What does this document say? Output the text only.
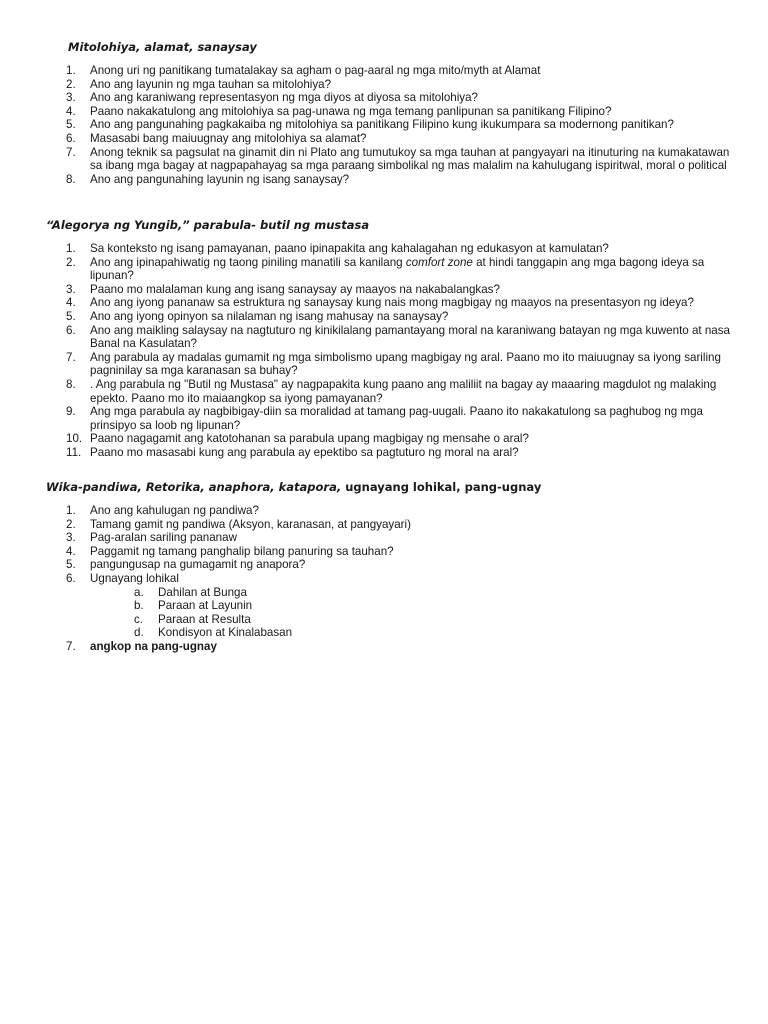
Mitolohiya, alamat, sanaysay
1.	Anong uri ng panitikang tumatalakay sa agham o pag-aaral ng mga mito/myth at Alamat
2.	Ano ang layunin ng mga tauhan sa mitolohiya?
3.	Ano ang karaniwang representasyon ng mga diyos at diyosa sa mitolohiya?
4.	Paano nakakatulong ang mitolohiya sa pag-unawa ng mga temang panlipunan sa panitikang Filipino?
5.	Ano ang pangunahing pagkakaiba ng mitolohiya sa panitikang Filipino kung ikukumpara sa modernong panitikan?
6.	Masasabi bang maiuugnay ang mitolohiya sa alamat?
7.	Anong teknik sa pagsulat na ginamit din ni Plato ang tumutukoy sa mga tauhan at pangyayari na itinuturing na kumakatawan sa ibang mga bagay at nagpapahayag sa mga paraang simbolikal ng mas malalim na kahulugang ispiritwal, moral o political
8.	Ano ang pangunahing layunin ng isang sanaysay?
“Alegorya ng Yungib,” parabula- butil ng mustasa
1.	Sa konteksto ng isang pamayanan, paano ipinapakita ang kahalagahan ng edukasyon at kamulatan?
2.	Ano ang ipinapahiwatig ng taong piniling manatili sa kanilang comfort zone at hindi tanggapin ang mga bagong ideya sa lipunan?
3.	Paano mo malalaman kung ang isang sanaysay ay maayos na nakabalangkas?
4.	Ano ang iyong pananaw sa estruktura ng sanaysay kung nais mong magbigay ng maayos na presentasyon ng ideya?
5.	Ano ang iyong opinyon sa nilalaman ng isang mahusay na sanaysay?
6.	Ano ang maikling salaysay na nagtuturo ng kinikilalang pamantayang moral na karaniwang batayan ng mga kuwento at nasa Banal na Kasulatan?
7.	Ang parabula ay madalas gumamit ng mga simbolismo upang magbigay ng aral. Paano mo ito maiuugnay sa iyong sariling pagninilay sa mga karanasan sa buhay?
8.	. Ang parabula ng "Butil ng Mustasa" ay nagpapakita kung paano ang maliliit na bagay ay maaaring magdulot ng malaking epekto. Paano mo ito maiaangkop sa iyong pamayanan?
9.	Ang mga parabula ay nagbibigay-diin sa moralidad at tamang pag-uugali. Paano ito nakakatulong sa paghubog ng mga prinsipyo sa loob ng lipunan?
10. Paano nagagamit ang katotohanan sa parabula upang magbigay ng mensahe o aral?
11. Paano mo masasabi kung ang parabula ay epektibo sa pagtuturo ng moral na aral?
Wika-pandiwa, Retorika, anaphora, katapora, ugnayang lohikal, pang-ugnay
1.	Ano ang kahulugan ng pandiwa?
2.	Tamang gamit ng pandiwa (Aksyon, karanasan, at pangyayari)
3.	Pag-aralan sariling pananaw
4.	Paggamit ng tamang panghalip bilang panuring sa tauhan?
5.	pangungusap na gumagamit ng anapora?
6.	Ugnayang lohikal
a.	Dahilan at Bunga
b.	Paraan at Layunin
c.	Paraan at Resulta
d.	Kondisyon at Kinalabasan
7.	angkop na pang-ugnay
